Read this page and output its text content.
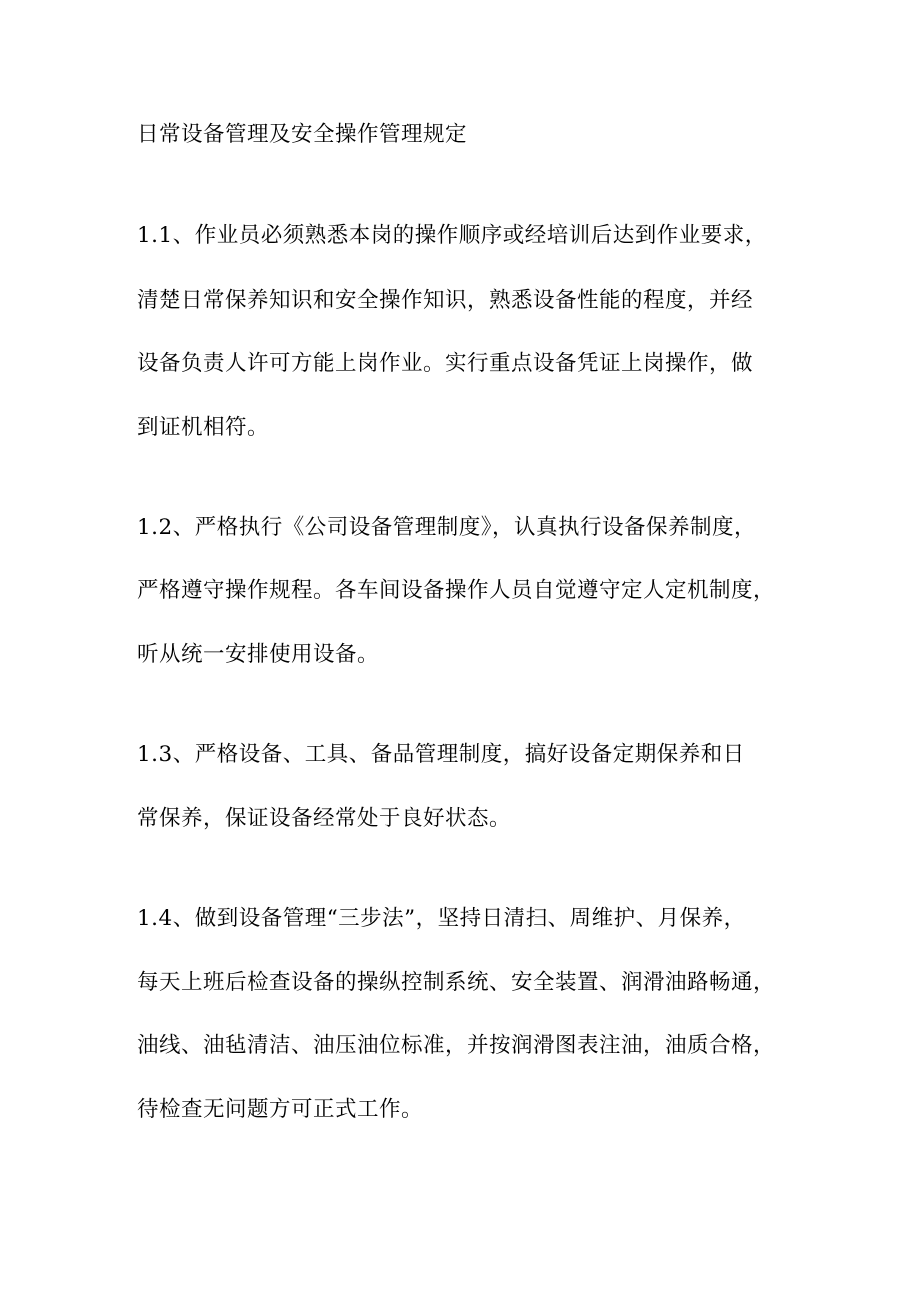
日常设备管理及安全操作管理规定
1.1、作业员必须熟悉本岗的操作顺序或经培训后达到作业要求，
清楚日常保养知识和安全操作知识，熟悉设备性能的程度，并经
设备负责人许可方能上岗作业。实行重点设备凭证上岗操作，做
到证机相符。
1.2、严格执行《公司设备管理制度》，认真执行设备保养制度，
严格遵守操作规程。各车间设备操作人员自觉遵守定人定机制度，
听从统一安排使用设备。
1.3、严格设备、工具、备品管理制度，搞好设备定期保养和日
常保养，保证设备经常处于良好状态。
1.4、做到设备管理“三步法”，坚持日清扫、周维护、月保养，
每天上班后检查设备的操纵控制系统、安全装置、润滑油路畅通，
油线、油毡清洁、油压油位标准，并按润滑图表注油，油质合格，
待检查无问题方可正式工作。
